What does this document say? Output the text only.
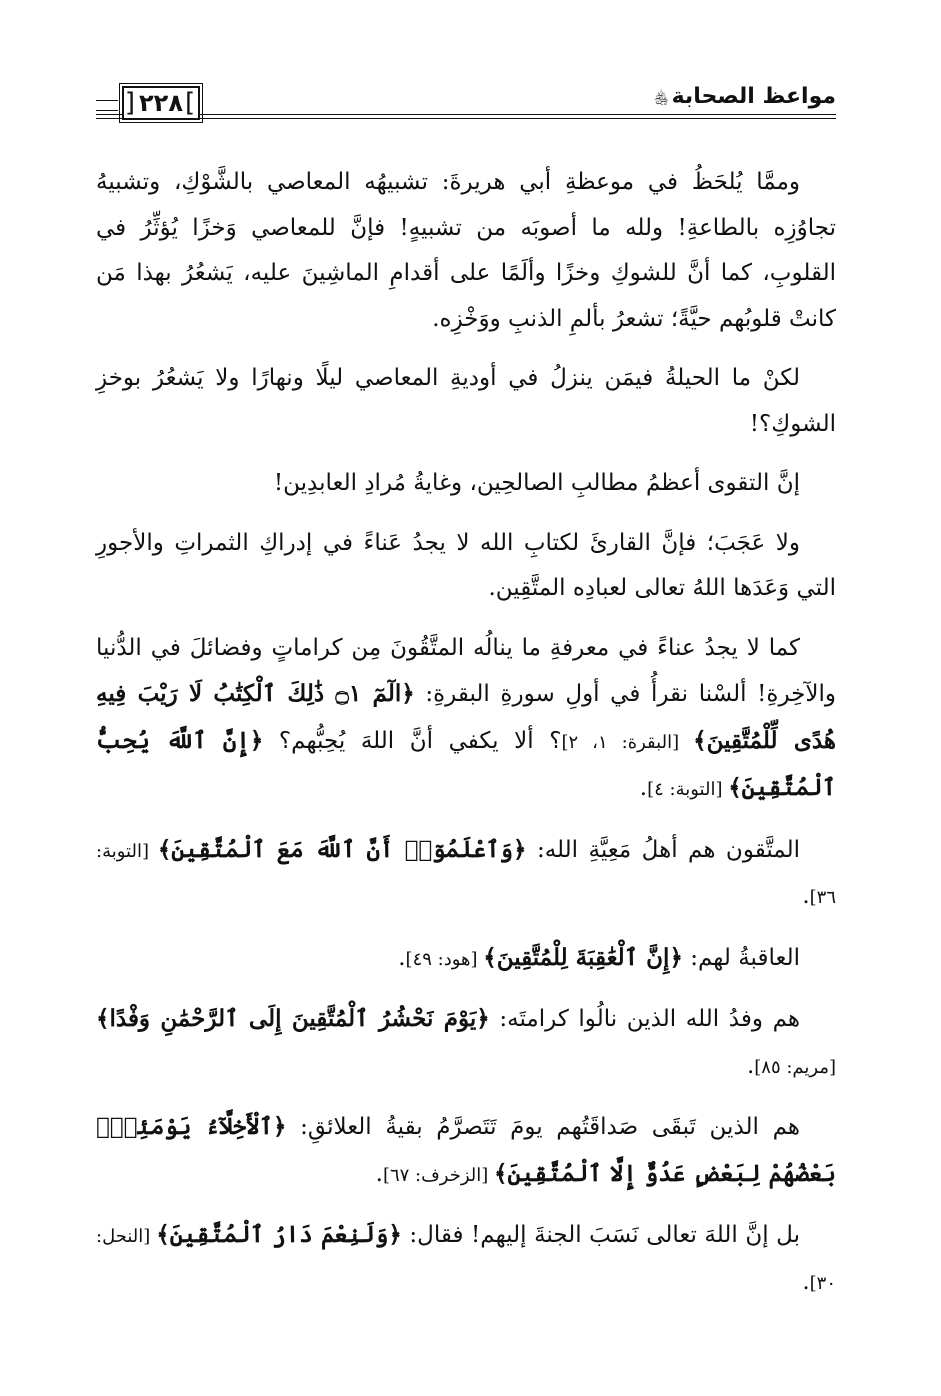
]
٢٢٨
[	مواعظ الصحابة﵃

وممَّا يُلحَظُ في موعظةِ أبي هريرةَ: تشبيهُه المعاصي بالشَّوْكِ، وتشبيهُ تجاوُزِه بالطاعةِ! ولله ما أصوبَه من تشبيهٍ! فإنَّ للمعاصي وَخزًا يُؤثِّرُ في القلوبِ، كما أنَّ للشوكِ وخزًا وألَمًا على أقدامِ الماشِينَ عليه، يَشعُرُ بهذا مَن كانتْ قلوبُهم حيَّةً؛ تشعرُ بألمِ الذنبِ ووَخْزِه.

لكنْ ما الحيلةُ فيمَن ينزلُ في أوديةِ المعاصي ليلًا ونهارًا ولا يَشعُرُ بوخزِ الشوكِ؟!

إنَّ التقوى أعظمُ مطالبِ الصالحِين، وغايةُ مُرادِ العابدِين!

ولا عَجَبَ؛ فإنَّ القارئَ لكتابِ الله لا يجدُ عَناءً في إدراكِ الثمراتِ والأجورِ التي وَعَدَها اللهُ تعالى لعبادِه المتَّقِين.

كما لا يجدُ عناءً في معرفةِ ما ينالُه المتَّقُونَ مِن كراماتٍ وفضائلَ في الدُّنيا والآخِرةِ! ألسْنا نقرأُ في أولِ سورةِ البقرةِ: ﴿الٓمٓ ۝١ ذَٰلِكَ ٱلْكِتَٰبُ لَا رَيْبَ فِيهِ هُدًى لِّلْمُتَّقِينَ﴾ [البقرة: ١، ٢]؟ ألا يكفي أنَّ اللهَ يُحِبُّهم؟ ﴿إِنَّ ٱللَّهَ يُحِبُّ ٱلْمُتَّقِينَ﴾ [التوبة: ٤].

المتَّقون هم أهلُ مَعِيَّةِ الله: ﴿وَٱعْلَمُوٓا۟ أَنَّ ٱللَّهَ مَعَ ٱلْمُتَّقِينَ﴾ [التوبة: ٣٦].

العاقبةُ لهم: ﴿إِنَّ ٱلْعَٰقِبَةَ لِلْمُتَّقِينَ﴾ [هود: ٤٩].

هم وفدُ الله الذين نالُوا كرامتَه: ﴿يَوْمَ نَحْشُرُ ٱلْمُتَّقِينَ إِلَى ٱلرَّحْمَٰنِ وَفْدًا﴾ [مريم: ٨٥].

هم الذين تَبقَى صَداقَتُهم يومَ تَتَصرَّمُ بقيةُ العلائقِ: ﴿ٱلْأَخِلَّآءُ يَوْمَئِذٍۭ بَعْضُهُمْ لِبَعْضٍ عَدُوٌّ إِلَّا ٱلْمُتَّقِينَ﴾ [الزخرف: ٦٧].

بل إنَّ اللهَ تعالى نَسَبَ الجنةَ إليهم! فقال: ﴿وَلَنِعْمَ دَارُ ٱلْمُتَّقِينَ﴾ [النحل: ٣٠].
